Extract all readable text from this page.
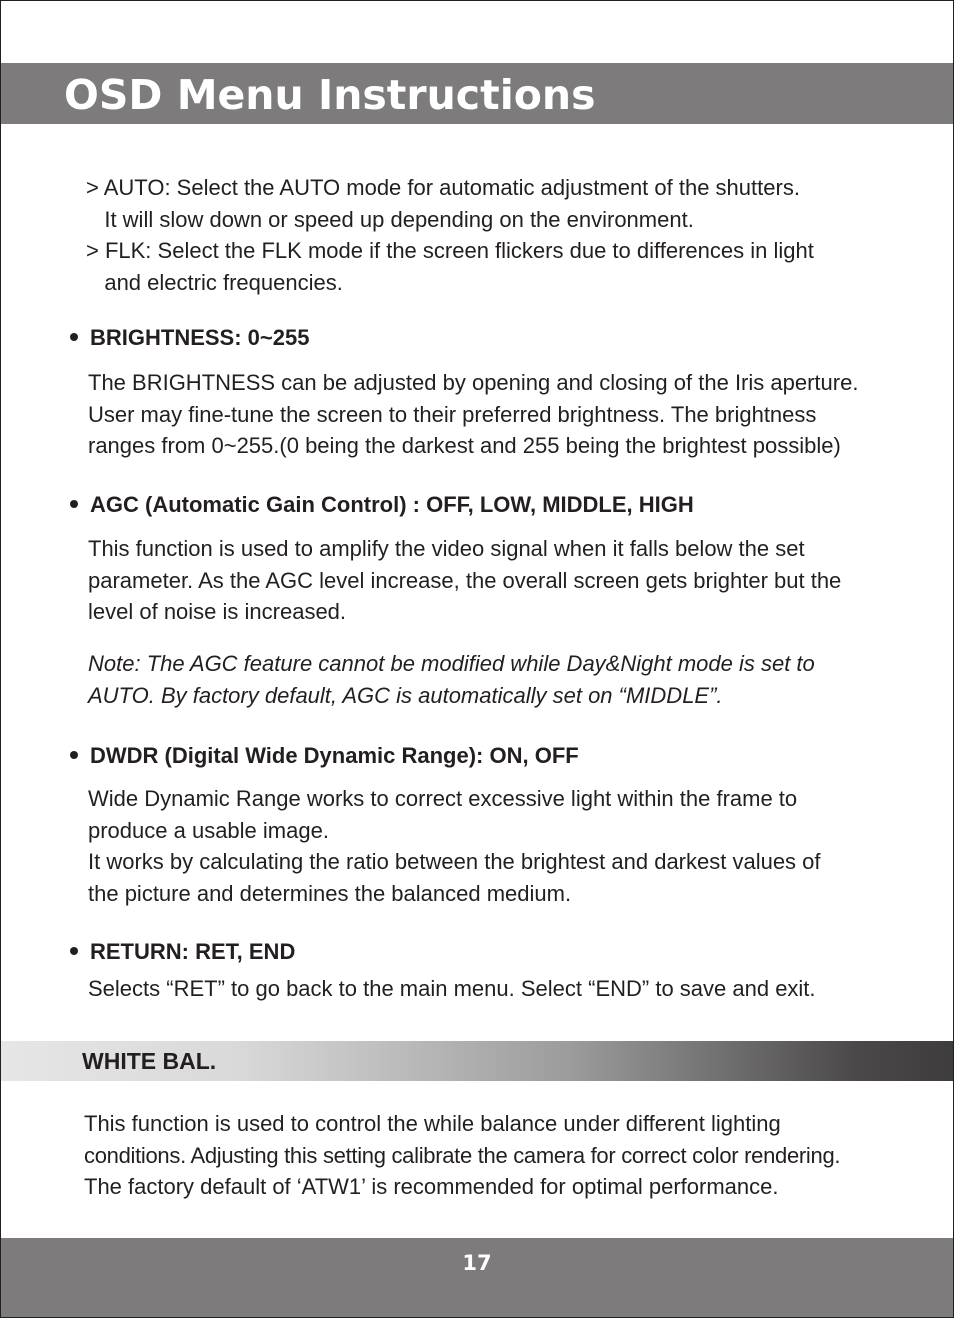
OSD Menu Instructions
> AUTO: Select the AUTO mode for automatic adjustment of the shutters.
It will slow down or speed up depending on the environment.
> FLK: Select the FLK mode if the screen flickers due to differences in light
and electric frequencies.
BRIGHTNESS: 0~255
The BRIGHTNESS can be adjusted by opening and closing of the Iris aperture.
User may fine-tune the screen to their preferred brightness. The brightness
ranges from 0~255.(0 being the darkest and 255 being the brightest possible)
AGC (Automatic Gain Control) : OFF, LOW, MIDDLE, HIGH
This function is used to amplify the video signal when it falls below the set
parameter. As the AGC level increase, the overall screen gets brighter but the
level of noise is increased.
Note: The AGC feature cannot be modified while Day&Night mode is set to
AUTO. By factory default, AGC is automatically set on “MIDDLE”.
DWDR (Digital Wide Dynamic Range): ON, OFF
Wide Dynamic Range works to correct excessive light within the frame to
produce a usable image.
It works by calculating the ratio between the brightest and darkest values of
the picture and determines the balanced medium.
RETURN: RET, END
Selects “RET” to go back to the main menu. Select “END” to save and exit.
WHITE BAL.
This function is used to control the while balance under different lighting
conditions. Adjusting this setting calibrate the camera for correct color rendering.
The factory default of ‘ATW1’ is recommended for optimal performance.
17
